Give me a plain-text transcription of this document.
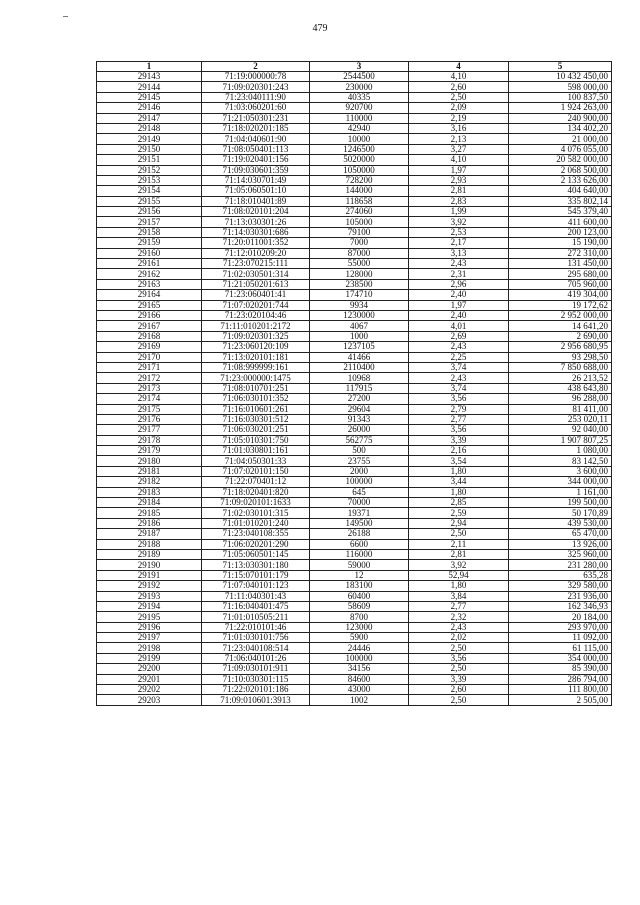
479
1	2	3	4	5
29143	71:19:000000:78	2544500	4,10	10 432 450,00
29144	71:09:020301:243	230000	2,60	598 000,00
29145	71:23:040111:90	40335	2,50	100 837,50
29146	71:03:060201:60	920700	2,09	1 924 263,00
29147	71:21:050301:231	110000	2,19	240 900,00
29148	71:18:020201:185	42940	3,16	134 402,20
29149	71:04:040601:90	10000	2,13	21 000,00
29150	71:08:050401:113	1246500	3,27	4 076 055,00
29151	71:19:020401:156	5020000	4,10	20 582 000,00
29152	71:09:030601:359	1050000	1,97	2 068 500,00
29153	71:14:030701:49	728200	2,93	2 133 626,00
29154	71:05:060501:10	144000	2,81	404 640,00
29155	71:18:010401:89	118658	2,83	335 802,14
29156	71:08:020101:204	274060	1,99	545 379,40
29157	71:13:030301:26	105000	3,92	411 600,00
29158	71:14:030301:686	79100	2,53	200 123,00
29159	71:20:011001:352	7000	2,17	15 190,00
29160	71:12:010209:20	87000	3,13	272 310,00
29161	71:23:070215:111	55000	2,43	131 450,00
29162	71:02:030501:314	128000	2,31	295 680,00
29163	71:21:050201:613	238500	2,96	705 960,00
29164	71:23:060401:41	174710	2,40	419 304,00
29165	71:07:020201:744	9934	1,97	19 172,62
29166	71:23:020104:46	1230000	2,40	2 952 000,00
29167	71:11:010201:2172	4067	4,01	14 641,20
29168	71:09:020301:325	1000	2,69	2 690,00
29169	71:23:060120:109	1237105	2,43	2 956 680,95
29170	71:13:020101:181	41466	2,25	93 298,50
29171	71:08:999999:161	2110400	3,74	7 850 688,00
29172	71:23:000000:1475	10968	2,43	26 213,52
29173	71:08:010701:251	117915	3,74	438 643,80
29174	71:06:030101:352	27200	3,56	96 288,00
29175	71:16:010601:261	29604	2,79	81 411,00
29176	71:16:030301:512	91343	2,77	253 020,11
29177	71:06:030201:251	26000	3,56	92 040,00
29178	71:05:010301:750	562775	3,39	1 907 807,25
29179	71:01:030801:161	500	2,16	1 080,00
29180	71:04:050301:33	23755	3,54	83 142,50
29181	71:07:020101:150	2000	1,80	3 600,00
29182	71:22:070401:12	100000	3,44	344 000,00
29183	71:18:020401:820	645	1,80	1 161,00
29184	71:09:020101:1633	70000	2,85	199 500,00
29185	71:02:030101:315	19371	2,59	50 170,89
29186	71:01:010201:240	149500	2,94	439 530,00
29187	71:23:040108:355	26188	2,50	65 470,00
29188	71:06:020201:290	6600	2,11	13 926,00
29189	71:05:060501:145	116000	2,81	325 960,00
29190	71:13:030301:180	59000	3,92	231 280,00
29191	71:15:070101:179	12	52,94	635,28
29192	71:07:040101:123	183100	1,80	329 580,00
29193	71:11:040301:43	60400	3,84	231 936,00
29194	71:16:040401:475	58609	2,77	162 346,93
29195	71:01:010505:211	8700	2,32	20 184,00
29196	71:22:010101:46	123000	2,43	293 970,00
29197	71:01:030101:756	5900	2,02	11 092,00
29198	71:23:040108:514	24446	2,50	61 115,00
29199	71:06:040101:26	100000	3,56	354 000,00
29200	71:09:030101:911	34156	2,50	85 390,00
29201	71:10:030301:115	84600	3,39	286 794,00
29202	71:22:020101:186	43000	2,60	111 800,00
29203	71:09:010601:3913	1002	2,50	2 505,00
